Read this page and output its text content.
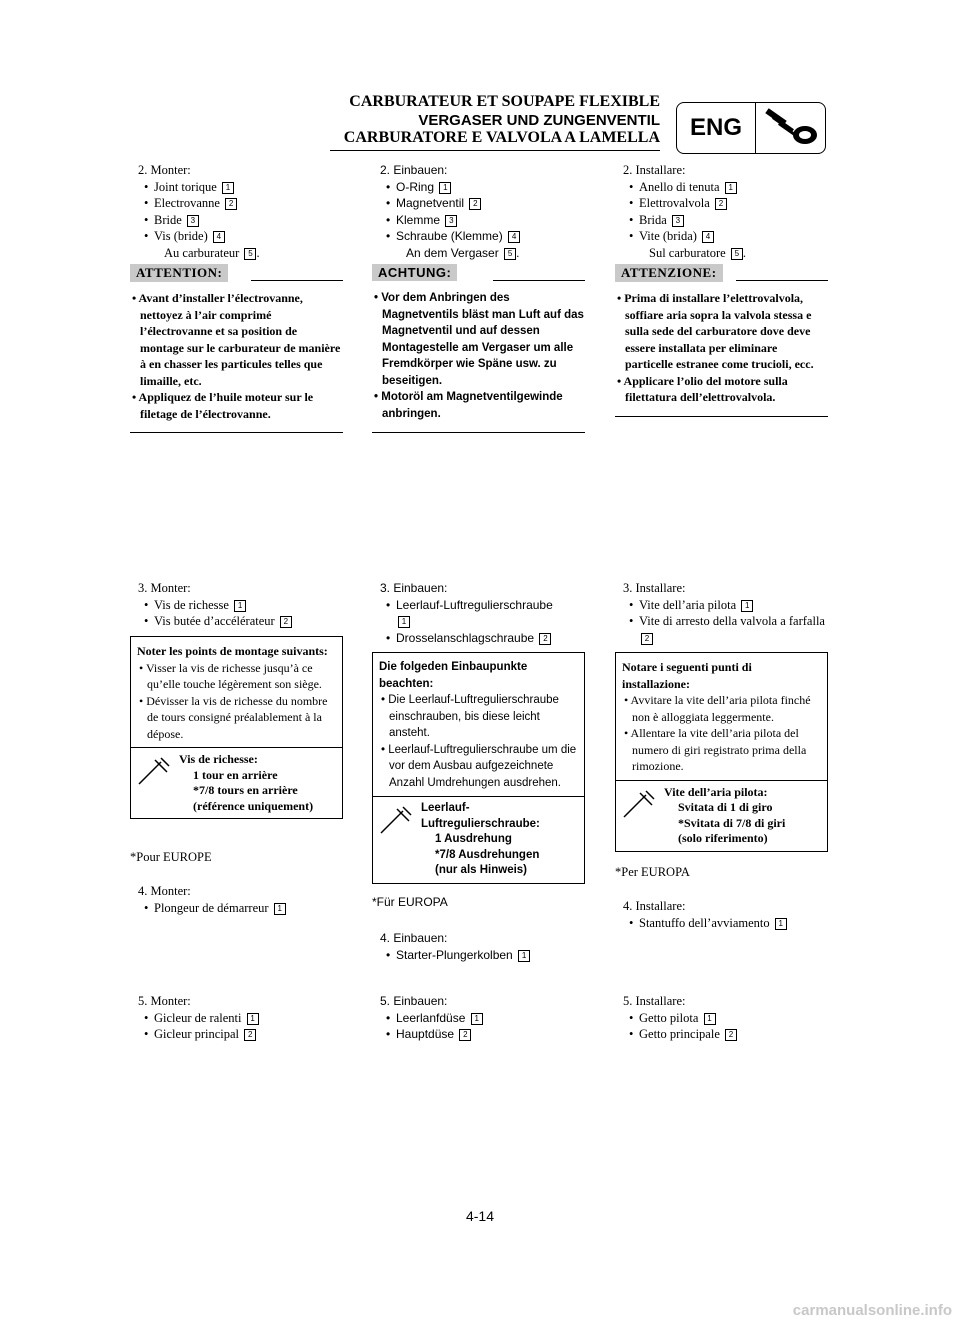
CARBURATEUR ET SOUPAPE FLEXIBLE
VERGASER UND ZUNGENVENTIL
CARBURATORE E VALVOLA A LAMELLA	ENG
2. Monter:
• Joint torique 1
• Electrovanne 2
• Bride 3
• Vis (bride) 4
Au carburateur 5 .
ATTENTION:
• Avant d’installer l’électrovanne, nettoyez à l’air comprimé l’électrovanne et sa position de montage sur le carburateur de manière à en chasser les particules telles que limaille, etc.
• Appliquez de l’huile moteur sur le filetage de l’électrovanne.
3. Monter:
• Vis de richesse 1
• Vis butée d’accélérateur 2
Noter les points de montage suivants:
• Visser la vis de richesse jusqu’à ce qu’elle touche légèrement son siège.
• Dévisser la vis de richesse du nombre de tours consigné préalablement à la dépose.
Vis de richesse:
1 tour en arrière
*7/8 tours en arrière
(référence uniquement)
*Pour EUROPE
4. Monter:
• Plongeur de démarreur 1
5. Monter:
• Gicleur de ralenti 1
• Gicleur principal 2
2. Einbauen:
• O-Ring 1
• Magnetventil 2
• Klemme 3
• Schraube (Klemme) 4
An dem Vergaser 5 .
ACHTUNG:
• Vor dem Anbringen des Magnetventils bläst man Luft auf das Magnetventil und auf dessen Montagestelle am Vergaser um alle Fremdkörper wie Späne usw. zu beseitigen.
• Motoröl am Magnetventilgewinde anbringen.
3. Einbauen:
• Leerlauf-Luftregulierschraube
1
• Drosselanschlagschraube 2
Die folgeden Einbaupunkte beachten:
• Die Leerlauf-Luftregulierschraube einschrauben, bis diese leicht ansteht.
• Leerlauf-Luftregulierschraube um die vor dem Ausbau aufgezeichnete Anzahl Umdrehungen ausdrehen.
Leerlauf-Luftregulierschraube:
1 Ausdrehung
*7/8 Ausdrehungen
(nur als Hinweis)
*Für EUROPA
4. Einbauen:
• Starter-Plungerkolben 1
5. Einbauen:
• Leerlanfdüse 1
• Hauptdüse 2
2. Installare:
• Anello di tenuta 1
• Elettrovalvola 2
• Brida 3
• Vite (brida) 4
Sul carburatore 5 .
ATTENZIONE:
• Prima di installare l’elettrovalvola, soffiare aria sopra la valvola stessa e sulla sede del carburatore dove deve essere installata per eliminare particelle estranee come trucioli, ecc.
• Applicare l’olio del motore sulla filettatura dell’elettrovalvola.
3. Installare:
• Vite dell’aria pilota 1
• Vite di arresto della valvola a farfalla 2
Notare i seguenti punti di installazione:
• Avvitare la vite dell’aria pilota finché non è alloggiata leggermente.
• Allentare la vite dell’aria pilota del numero di giri registrato prima della rimozione.
Vite dell’aria pilota:
Svitata di 1 di giro
*Svitata di 7/8 di giri
(solo riferimento)
*Per EUROPA
4. Installare:
• Stantuffo dell’avviamento 1
5. Installare:
• Getto pilota 1
• Getto principale 2
4-14
carmanualsonline.info
